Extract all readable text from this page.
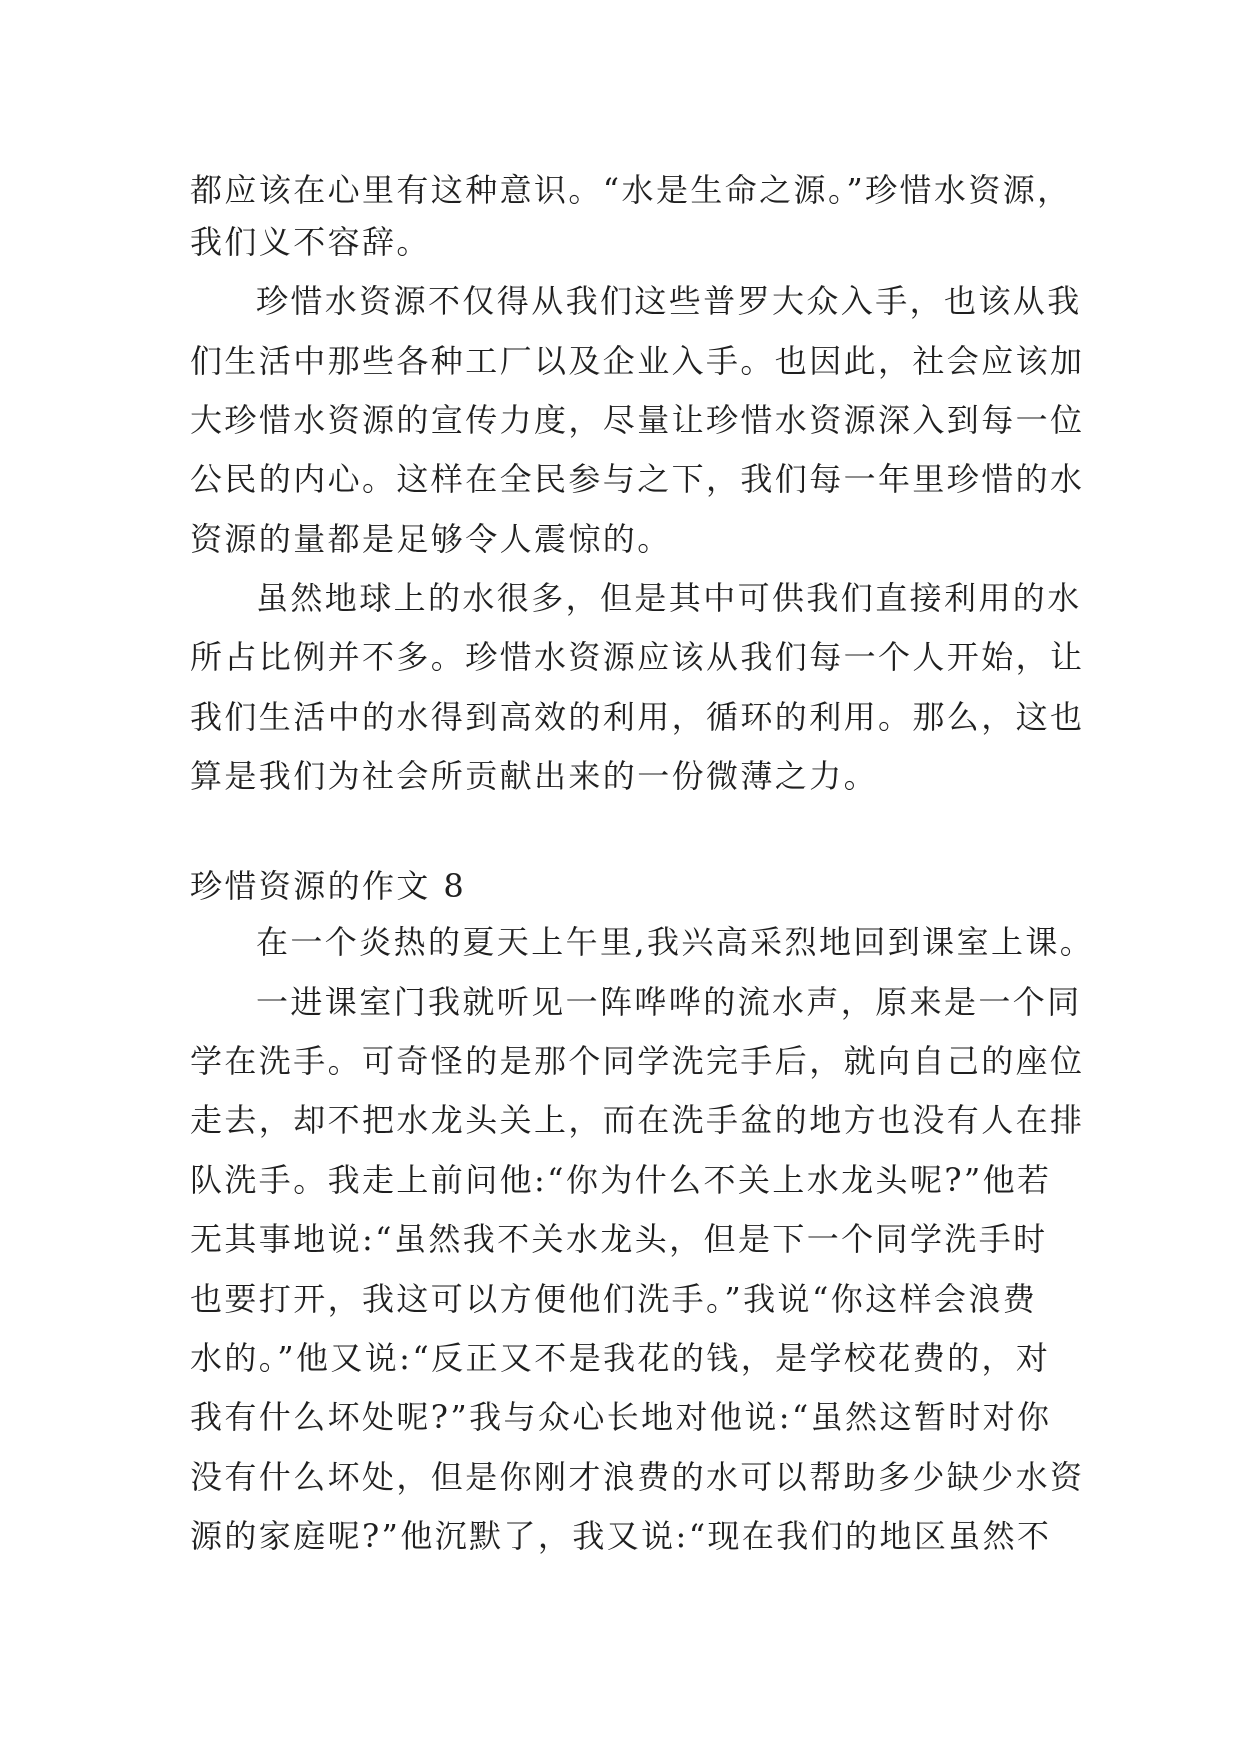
都应该在心里有这种意识。“水是生命之源。”珍惜水资源，
我们义不容辞。
珍惜水资源不仅得从我们这些普罗大众入手，也该从我
们生活中那些各种工厂以及企业入手。也因此，社会应该加
大珍惜水资源的宣传力度，尽量让珍惜水资源深入到每一位
公民的内心。这样在全民参与之下，我们每一年里珍惜的水
资源的量都是足够令人震惊的。
虽然地球上的水很多，但是其中可供我们直接利用的水
所占比例并不多。珍惜水资源应该从我们每一个人开始，让
我们生活中的水得到高效的利用，循环的利用。那么，这也
算是我们为社会所贡献出来的一份微薄之力。
珍惜资源的作文 8
在一个炎热的夏天上午里,我兴高采烈地回到课室上课。
一进课室门我就听见一阵哗哗的流水声，原来是一个同
学在洗手。可奇怪的是那个同学洗完手后，就向自己的座位
走去，却不把水龙头关上，而在洗手盆的地方也没有人在排
队洗手。我走上前问他:“你为什么不关上水龙头呢?”他若
无其事地说:“虽然我不关水龙头，但是下一个同学洗手时
也要打开，我这可以方便他们洗手。”我说“你这样会浪费
水的。”他又说:“反正又不是我花的钱，是学校花费的，对
我有什么坏处呢?”我与众心长地对他说:“虽然这暂时对你
没有什么坏处，但是你刚才浪费的水可以帮助多少缺少水资
源的家庭呢?”他沉默了，我又说:“现在我们的地区虽然不
